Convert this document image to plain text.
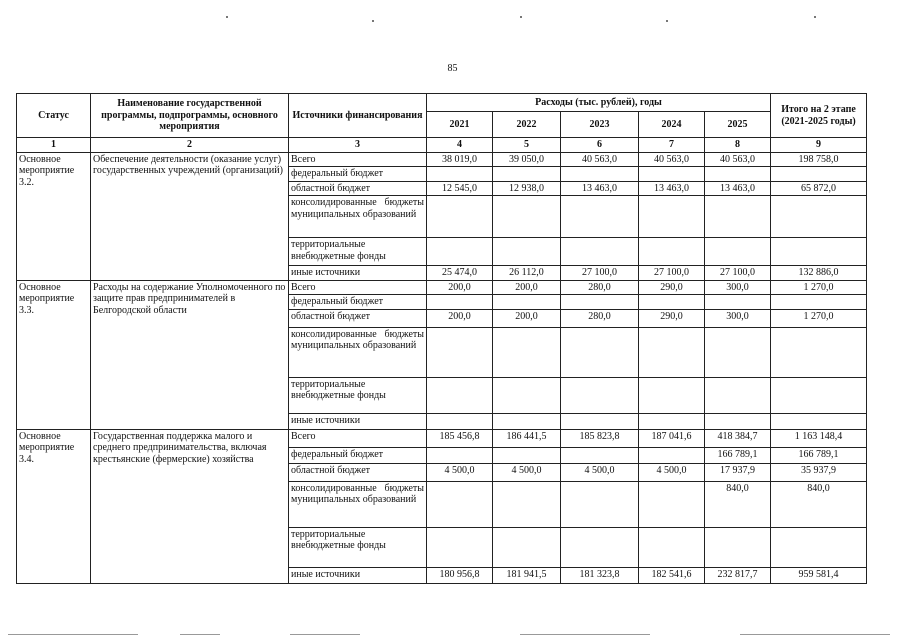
85
Статус	Наименование государственной программы, подпрограммы, основного мероприятия	Источники финансирования	Расходы (тыс. рублей), годы					Итого на 2 этапе (2021-2025 годы)
			2021	2022	2023	2024	2025	
1	2	3	4	5	6	7	8	9
Основное мероприятие 3.2.	Обеспечение деятельности (оказание услуг) государственных учреждений (организаций)	Всего	38 019,0	39 050,0	40 563,0	40 563,0	40 563,0	198 758,0
		федеральный бюджет						
		областной бюджет	12 545,0	12 938,0	13 463,0	13 463,0	13 463,0	65 872,0
		консолидированные бюджеты муниципальных образований						
		территориальные внебюджетные фонды						
		иные источники	25 474,0	26 112,0	27 100,0	27 100,0	27 100,0	132 886,0
Основное мероприятие 3.3.	Расходы на содержание Уполномоченного по защите прав предпринимателей в Белгородской области	Всего	200,0	200,0	280,0	290,0	300,0	1 270,0
		федеральный бюджет						
		областной бюджет	200,0	200,0	280,0	290,0	300,0	1 270,0
		консолидированные бюджеты муниципальных образований						
		территориальные внебюджетные фонды						
		иные источники						
Основное мероприятие 3.4.	Государственная поддержка малого и среднего предпринимательства, включая крестьянские (фермерские) хозяйства	Всего	185 456,8	186 441,5	185 823,8	187 041,6	418 384,7	1 163 148,4
		федеральный бюджет					166 789,1	166 789,1
		областной бюджет	4 500,0	4 500,0	4 500,0	4 500,0	17 937,9	35 937,9
		консолидированные бюджеты муниципальных образований					840,0	840,0
		территориальные внебюджетные фонды						
		иные источники	180 956,8	181 941,5	181 323,8	182 541,6	232 817,7	959 581,4
